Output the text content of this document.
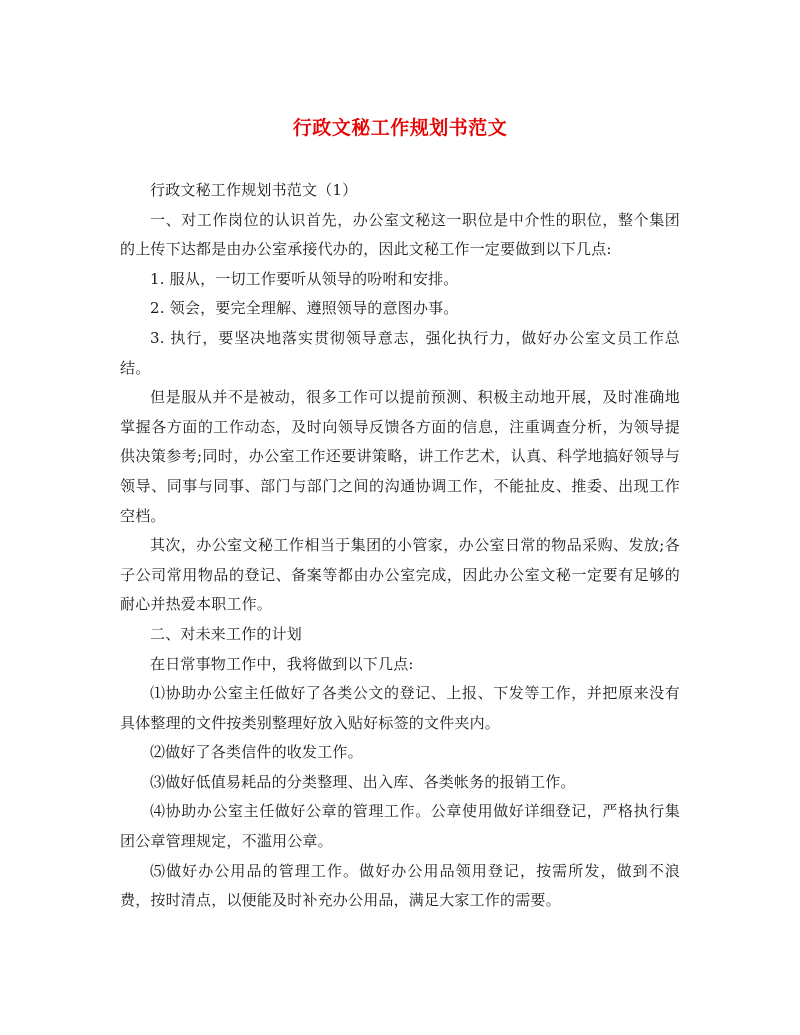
行政文秘工作规划书范文

行政文秘工作规划书范文（1）

一、对工作岗位的认识首先，办公室文秘这一职位是中介性的职位，整个集团的上传下达都是由办公室承接代办的，因此文秘工作一定要做到以下几点:

1. 服从，一切工作要听从领导的吩咐和安排。

2. 领会，要完全理解、遵照领导的意图办事。

3. 执行，要坚决地落实贯彻领导意志，强化执行力，做好办公室文员工作总结。

但是服从并不是被动，很多工作可以提前预测、积极主动地开展，及时准确地掌握各方面的工作动态，及时向领导反馈各方面的信息，注重调查分析，为领导提供决策参考;同时，办公室工作还要讲策略，讲工作艺术，认真、科学地搞好领导与领导、同事与同事、部门与部门之间的沟通协调工作，不能扯皮、推委、出现工作空档。

其次，办公室文秘工作相当于集团的小管家，办公室日常的物品采购、发放;各子公司常用物品的登记、备案等都由办公室完成，因此办公室文秘一定要有足够的耐心并热爱本职工作。

二、对未来工作的计划

在日常事物工作中，我将做到以下几点:

⑴协助办公室主任做好了各类公文的登记、上报、下发等工作，并把原来没有具体整理的文件按类别整理好放入贴好标签的文件夹内。

⑵做好了各类信件的收发工作。

⑶做好低值易耗品的分类整理、出入库、各类帐务的报销工作。

⑷协助办公室主任做好公章的管理工作。公章使用做好详细登记，严格执行集团公章管理规定，不滥用公章。

⑸做好办公用品的管理工作。做好办公用品领用登记，按需所发，做到不浪费，按时清点，以便能及时补充办公用品，满足大家工作的需要。
